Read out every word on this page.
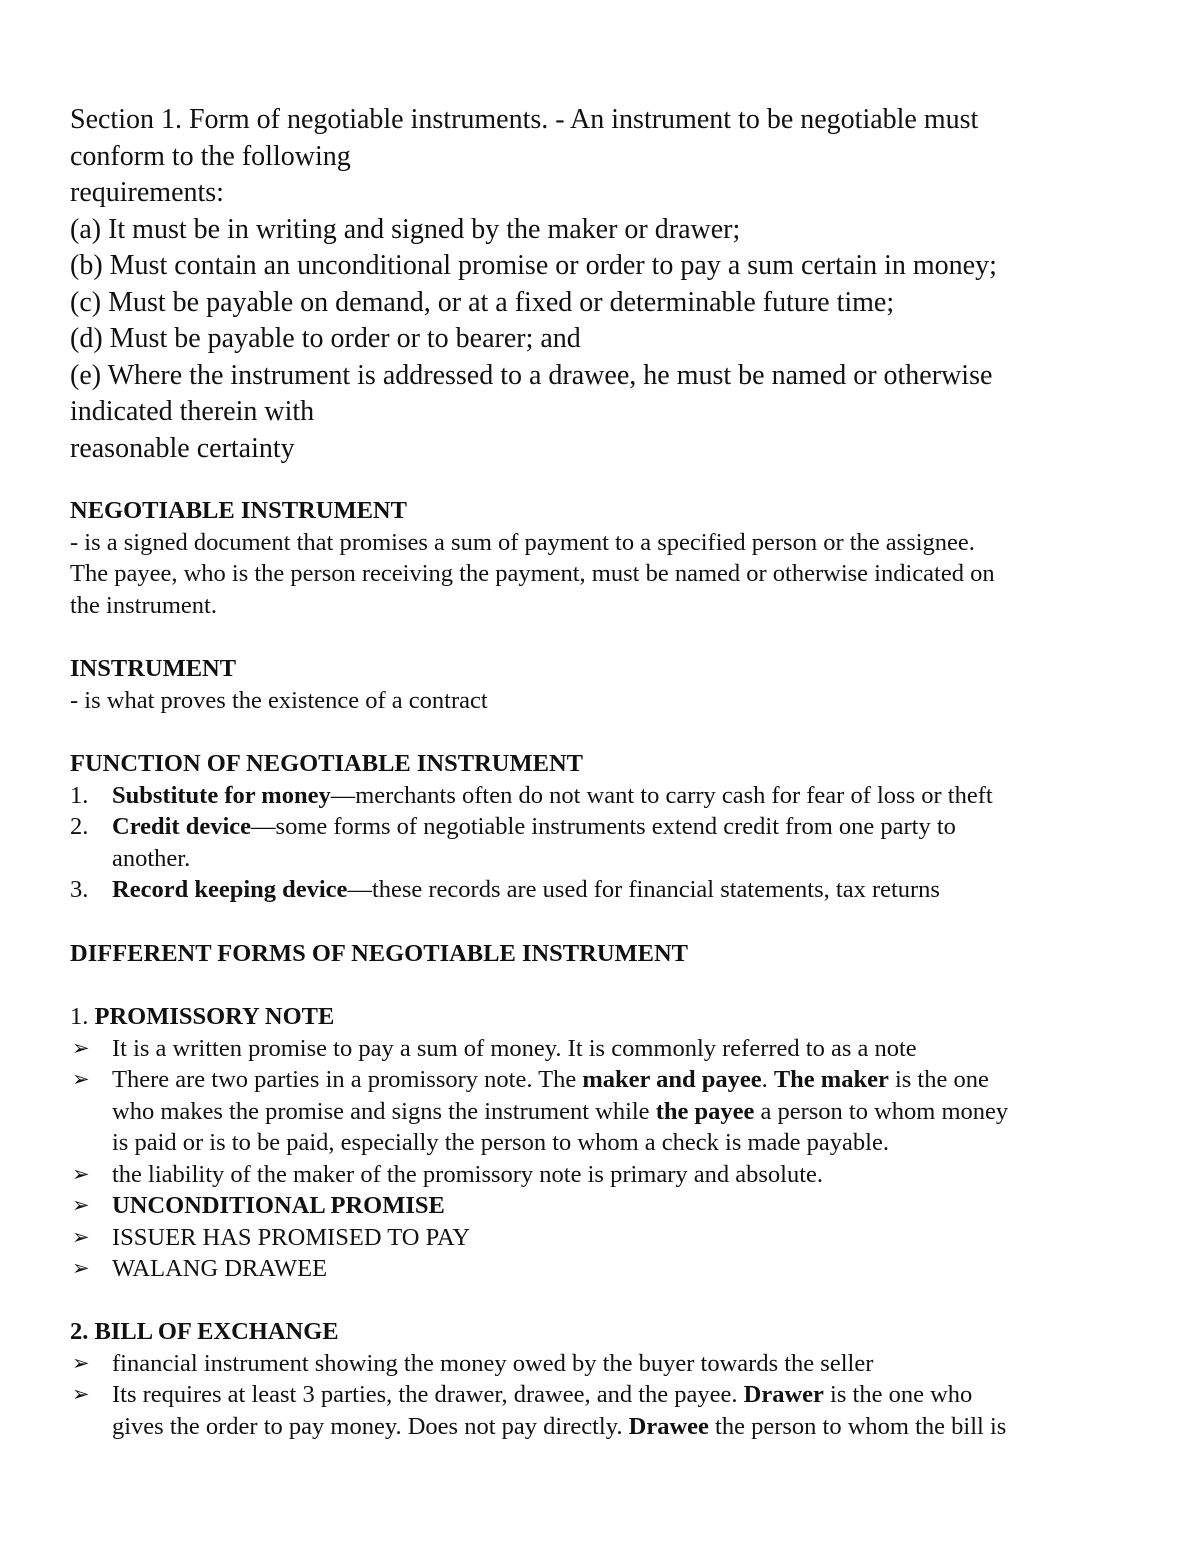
Section 1. Form of negotiable instruments. - An instrument to be negotiable must
conform to the following
requirements:
(a) It must be in writing and signed by the maker or drawer;
(b) Must contain an unconditional promise or order to pay a sum certain in money;
(c) Must be payable on demand, or at a fixed or determinable future time;
(d) Must be payable to order or to bearer; and
(e) Where the instrument is addressed to a drawee, he must be named or otherwise
indicated therein with
reasonable certainty
NEGOTIABLE INSTRUMENT
- is a signed document that promises a sum of payment to a specified person or the assignee.
The payee, who is the person receiving the payment, must be named or otherwise indicated on
the instrument.
INSTRUMENT
- is what proves the existence of a contract
FUNCTION OF NEGOTIABLE INSTRUMENT
1. Substitute for money—merchants often do not want to carry cash for fear of loss or theft
2. Credit device—some forms of negotiable instruments extend credit from one party to
another.
3. Record keeping device—these records are used for financial statements, tax returns
DIFFERENT FORMS OF NEGOTIABLE INSTRUMENT
1. PROMISSORY NOTE
➢ It is a written promise to pay a sum of money. It is commonly referred to as a note
➢ There are two parties in a promissory note. The maker and payee. The maker is the one
who makes the promise and signs the instrument while the payee a person to whom money
is paid or is to be paid, especially the person to whom a check is made payable.
➢ the liability of the maker of the promissory note is primary and absolute.
➢ UNCONDITIONAL PROMISE
➢ ISSUER HAS PROMISED TO PAY
➢ WALANG DRAWEE
2. BILL OF EXCHANGE
➢ financial instrument showing the money owed by the buyer towards the seller
➢ Its requires at least 3 parties, the drawer, drawee, and the payee. Drawer is the one who
gives the order to pay money. Does not pay directly. Drawee the person to whom the bill is
